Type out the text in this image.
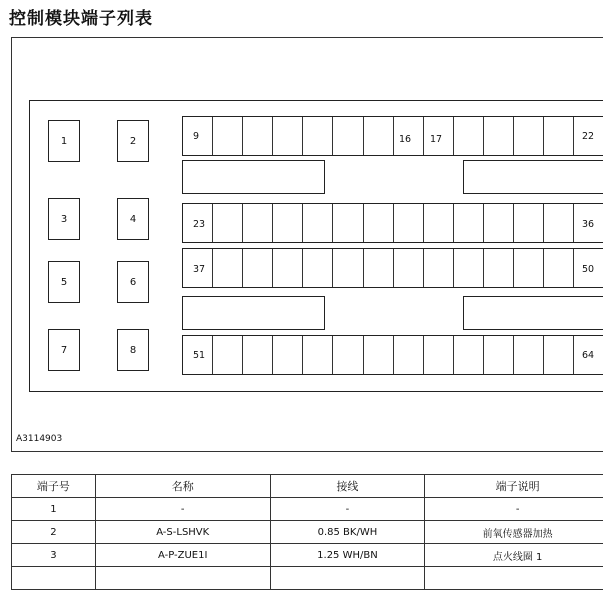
控制模块端子列表
1	2
3	4
5	6
7	8
9	16 17	22
23	36
37	50
51	64
A3114903
端子号	名称	接线	端子说明
1	-	-	-
2	A-S-LSHVK	0.85 BK/WH	前氧传感器加热
3	A-P-ZUE1I	1.25 WH/BN	点火线圈 1
